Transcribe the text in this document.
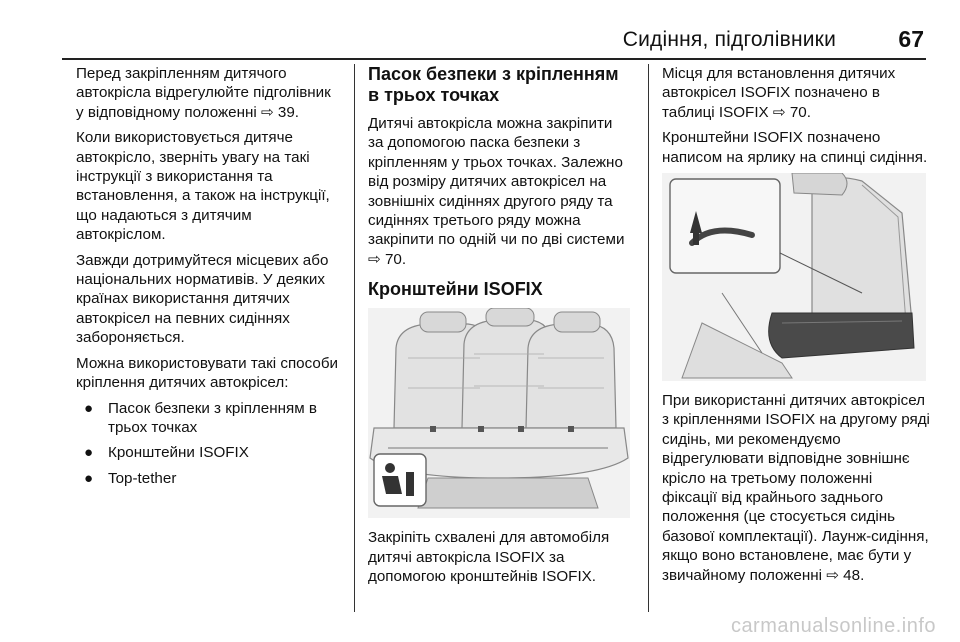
Сидіння, підголівники	67

Перед закріпленням дитячого автокрісла відрегулюйте підголівник у відповідному положенні ⇨ 39.

Коли використовується дитяче автокрісло, зверніть увагу на такі інструкції з використання та встановлення, а також на інструкції, що надаються з дитячим автокріслом.

Завжди дотримуйтеся місцевих або національних нормативів. У деяких країнах використання дитячих автокрісел на певних сидіннях забороняється.

Можна використовувати такі способи кріплення дитячих автокрісел:

● Пасок безпеки з кріпленням в трьох точках
● Кронштейни ISOFIX
● Top-tether
Пасок безпеки з кріпленням в трьох точках

Дитячі автокрісла можна закріпити за допомогою паска безпеки з кріпленням у трьох точках. Залежно від розміру дитячих автокрісел на зовнішніх сидіннях другого ряду та сидіннях третього ряду можна закріпити по одній чи по дві системи ⇨ 70.

Кронштейни ISOFIX

Закріпіть схвалені для автомобіля дитячі автокрісла ISOFIX за допомогою кронштейнів ISOFIX.

Місця для встановлення дитячих автокрісел ISOFIX позначено в таблиці ISOFIX ⇨ 70.

Кронштейни ISOFIX позначено написом на ярлику на спинці сидіння.

При використанні дитячих автокрісел з кріпленнями ISOFIX на другому ряді сидінь, ми рекомендуємо відрегулювати відповідне зовнішнє крісло на третьому положенні фіксації від крайнього заднього положення (це стосується сидінь базової комплектації). Лаунж-сидіння, якщо воно встановлене, має бути у звичайному положенні ⇨ 48.

carmanualsonline.info
